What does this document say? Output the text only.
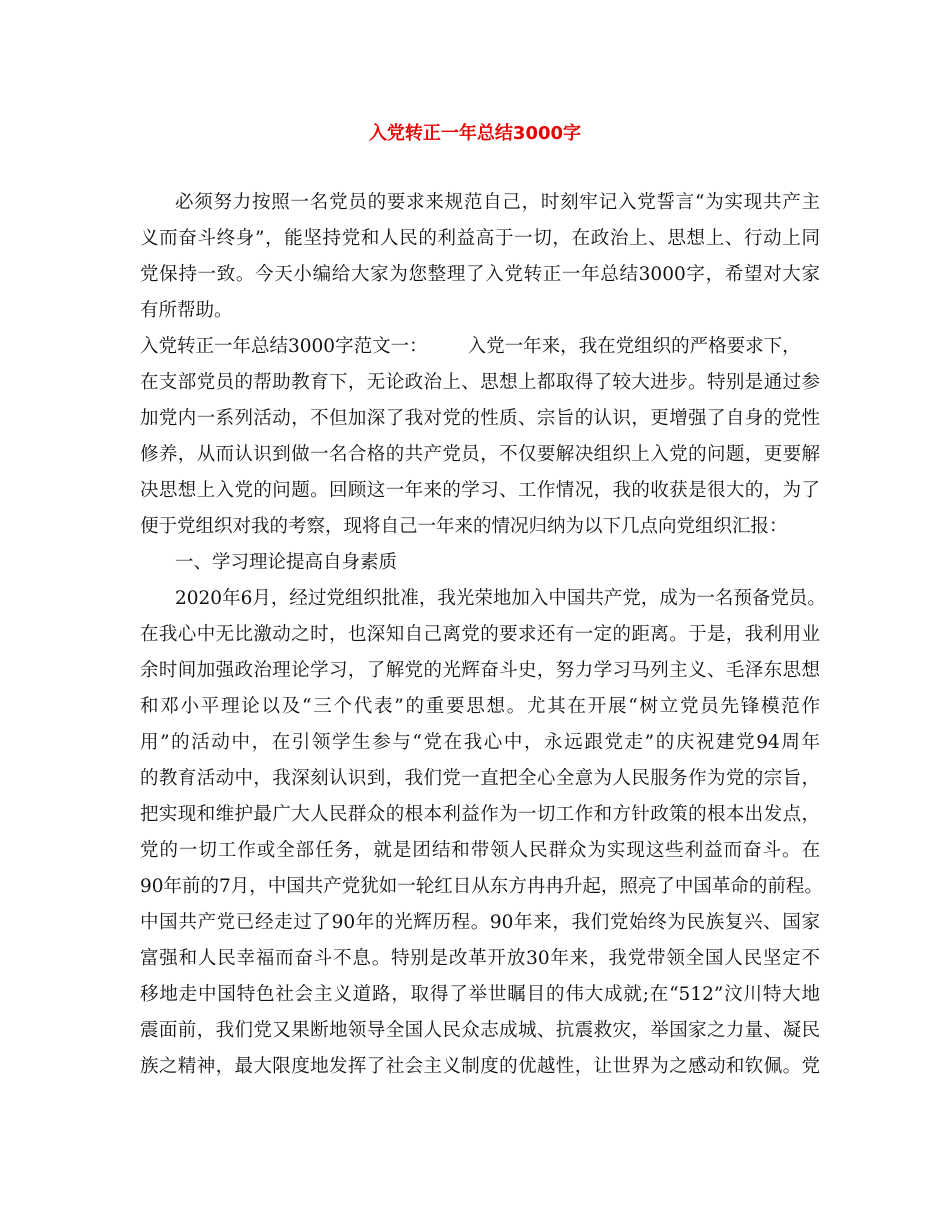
入党转正一年总结3000字
必须努力按照一名党员的要求来规范自己，时刻牢记入党誓言“为实现共产主
义而奋斗终身”，能坚持党和人民的利益高于一切，在政治上、思想上、行动上同
党保持一致。今天小编给大家为您整理了入党转正一年总结3000字，希望对大家
有所帮助。
入党转正一年总结3000字范文一： 入党一年来，我在党组织的严格要求下，
在支部党员的帮助教育下，无论政治上、思想上都取得了较大进步。特别是通过参
加党内一系列活动，不但加深了我对党的性质、宗旨的认识，更增强了自身的党性
修养，从而认识到做一名合格的共产党员，不仅要解决组织上入党的问题，更要解
决思想上入党的问题。回顾这一年来的学习、工作情况，我的收获是很大的，为了
便于党组织对我的考察，现将自己一年来的情况归纳为以下几点向党组织汇报：
一、学习理论提高自身素质
2020年6月，经过党组织批准，我光荣地加入中国共产党，成为一名预备党员。
在我心中无比激动之时，也深知自己离党的要求还有一定的距离。于是，我利用业
余时间加强政治理论学习，了解党的光辉奋斗史，努力学习马列主义、毛泽东思想
和邓小平理论以及“三个代表”的重要思想。尤其在开展“树立党员先锋模范作
用”的活动中，在引领学生参与“党在我心中，永远跟党走”的庆祝建党94周年
的教育活动中，我深刻认识到，我们党一直把全心全意为人民服务作为党的宗旨，
把实现和维护最广大人民群众的根本利益作为一切工作和方针政策的根本出发点，
党的一切工作或全部任务，就是团结和带领人民群众为实现这些利益而奋斗。在
90年前的7月，中国共产党犹如一轮红日从东方冉冉升起，照亮了中国革命的前程。
中国共产党已经走过了90年的光辉历程。90年来，我们党始终为民族复兴、国家
富强和人民幸福而奋斗不息。特别是改革开放30年来，我党带领全国人民坚定不
移地走中国特色社会主义道路，取得了举世瞩目的伟大成就;在“512”汶川特大地
震面前，我们党又果断地领导全国人民众志成城、抗震救灾，举国家之力量、凝民
族之精神，最大限度地发挥了社会主义制度的优越性，让世界为之感动和钦佩。党
